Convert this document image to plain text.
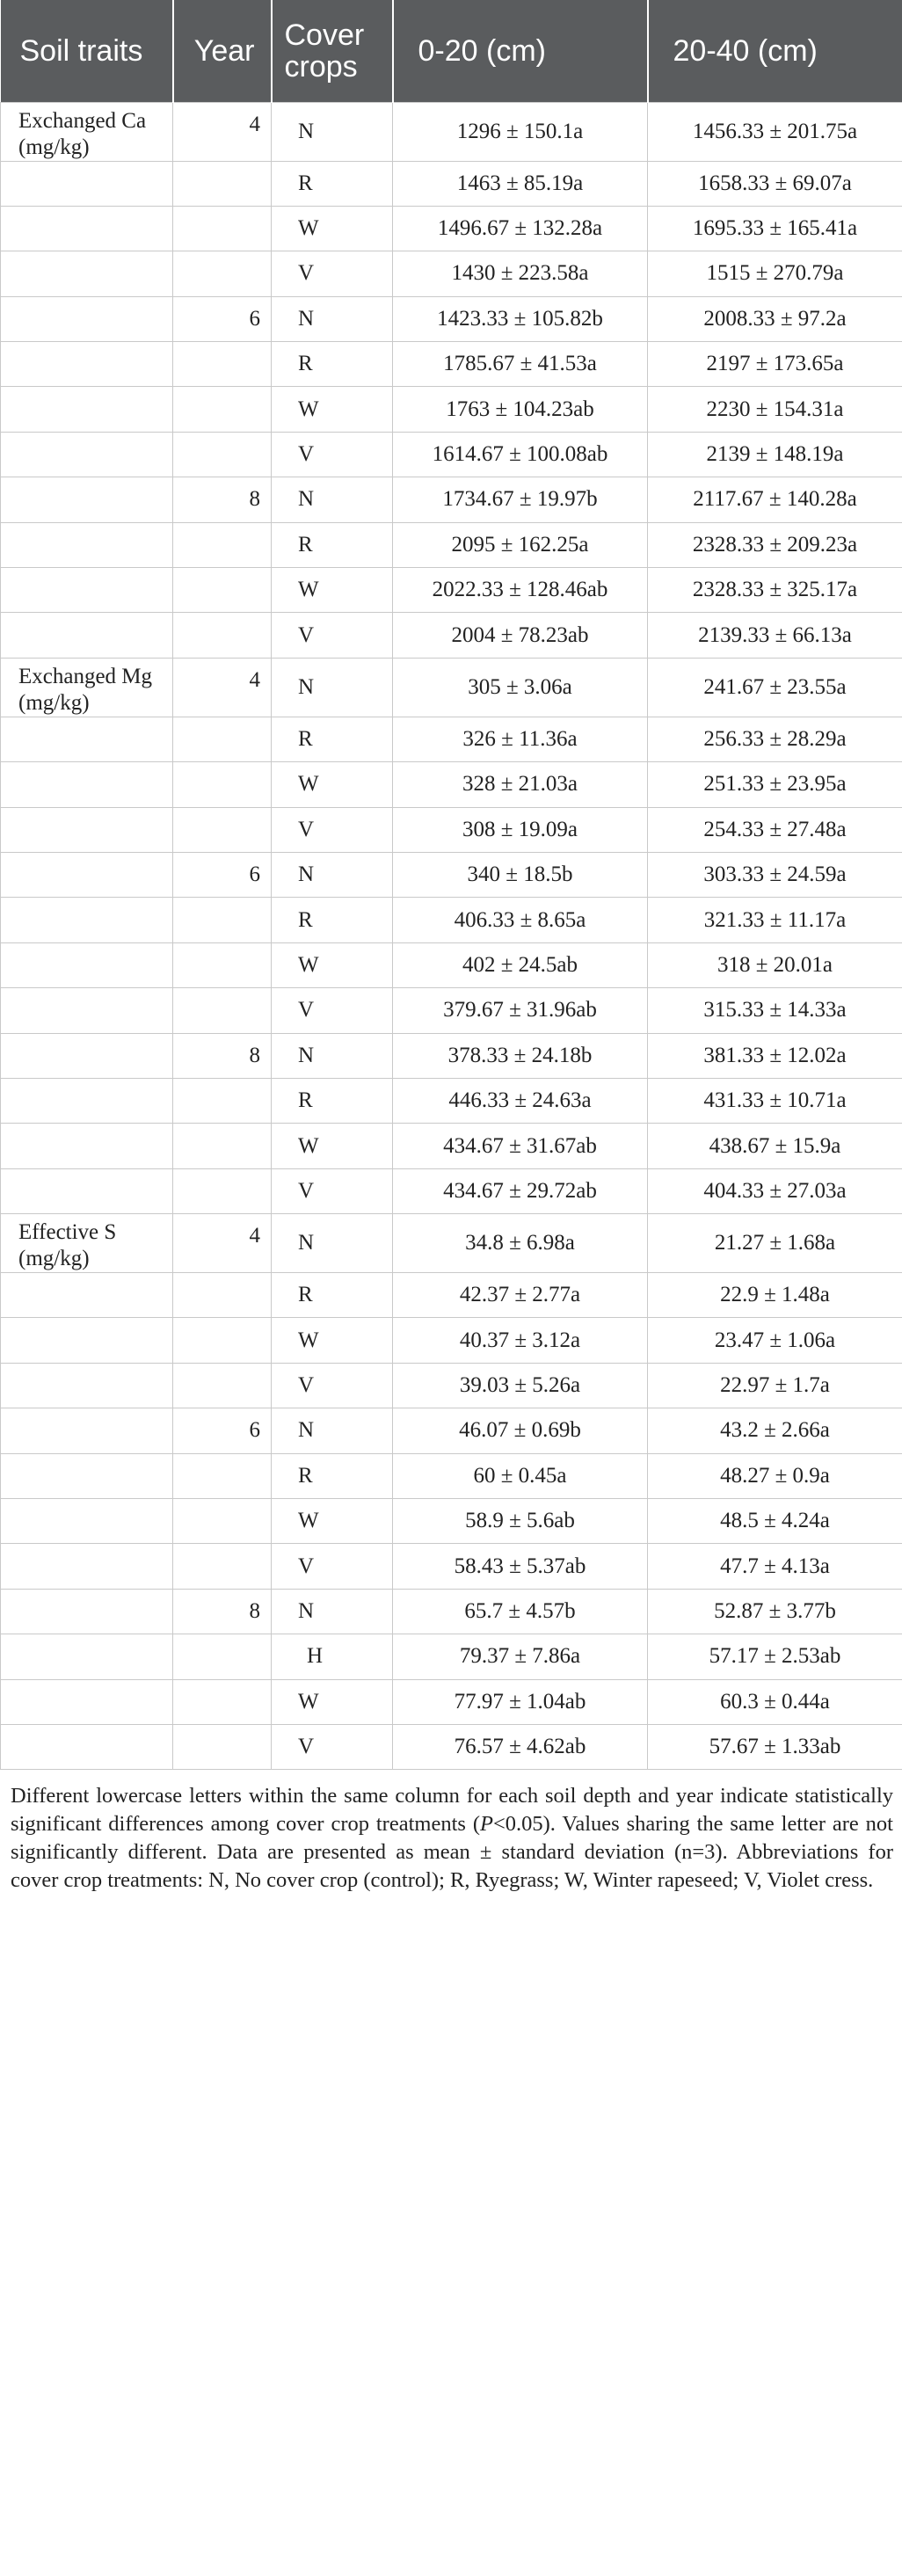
Soil traits	Year	Cover crops	0-20 (cm)	20-40 (cm)
Exchanged Ca (mg/kg)	4	N	1296 ± 150.1a	1456.33 ± 201.75a
		R	1463 ± 85.19a	1658.33 ± 69.07a
		W	1496.67 ± 132.28a	1695.33 ± 165.41a
		V	1430 ± 223.58a	1515 ± 270.79a
	6	N	1423.33 ± 105.82b	2008.33 ± 97.2a
		R	1785.67 ± 41.53a	2197 ± 173.65a
		W	1763 ± 104.23ab	2230 ± 154.31a
		V	1614.67 ± 100.08ab	2139 ± 148.19a
	8	N	1734.67 ± 19.97b	2117.67 ± 140.28a
		R	2095 ± 162.25a	2328.33 ± 209.23a
		W	2022.33 ± 128.46ab	2328.33 ± 325.17a
		V	2004 ± 78.23ab	2139.33 ± 66.13a
Exchanged Mg (mg/kg)	4	N	305 ± 3.06a	241.67 ± 23.55a
		R	326 ± 11.36a	256.33 ± 28.29a
		W	328 ± 21.03a	251.33 ± 23.95a
		V	308 ± 19.09a	254.33 ± 27.48a
	6	N	340 ± 18.5b	303.33 ± 24.59a
		R	406.33 ± 8.65a	321.33 ± 11.17a
		W	402 ± 24.5ab	318 ± 20.01a
		V	379.67 ± 31.96ab	315.33 ± 14.33a
	8	N	378.33 ± 24.18b	381.33 ± 12.02a
		R	446.33 ± 24.63a	431.33 ± 10.71a
		W	434.67 ± 31.67ab	438.67 ± 15.9a
		V	434.67 ± 29.72ab	404.33 ± 27.03a
Effective S (mg/kg)	4	N	34.8 ± 6.98a	21.27 ± 1.68a
		R	42.37 ± 2.77a	22.9 ± 1.48a
		W	40.37 ± 3.12a	23.47 ± 1.06a
		V	39.03 ± 5.26a	22.97 ± 1.7a
	6	N	46.07 ± 0.69b	43.2 ± 2.66a
		R	60 ± 0.45a	48.27 ± 0.9a
		W	58.9 ± 5.6ab	48.5 ± 4.24a
		V	58.43 ± 5.37ab	47.7 ± 4.13a
	8	N	65.7 ± 4.57b	52.87 ± 3.77b
		H	79.37 ± 7.86a	57.17 ± 2.53ab
		W	77.97 ± 1.04ab	60.3 ± 0.44a
		V	76.57 ± 4.62ab	57.67 ± 1.33ab
Different lowercase letters within the same column for each soil depth and year indicate statistically significant differences among cover crop treatments (P<0.05). Values sharing the same letter are not significantly different. Data are presented as mean ± standard deviation (n=3). Abbreviations for cover crop treatments: N, No cover crop (control); R, Ryegrass; W, Winter rapeseed; V, Violet cress.
